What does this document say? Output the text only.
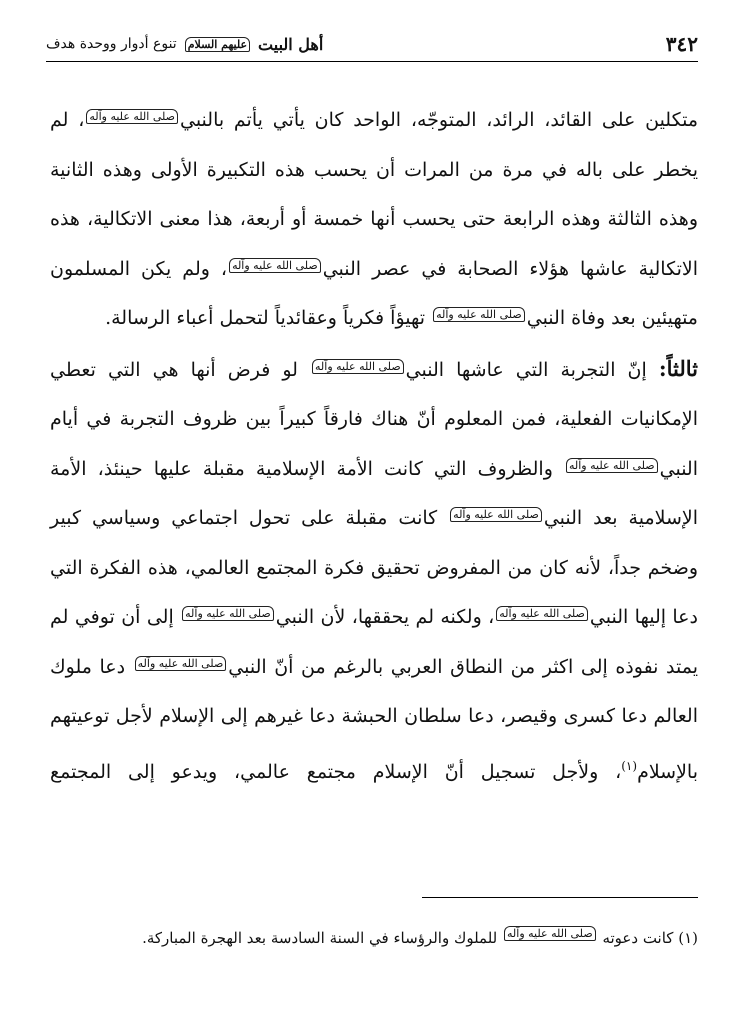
٣٤٢
أهل البيت
عليهم السلام
تنوع أدوار ووحدة هدف

متكلين على القائد، الرائد، المتوجّه، الواحد كان يأتي يأتم بالنبيصلى الله عليه وآله، لم يخطر على باله في مرة من المرات أن يحسب هذه التكبيرة الأولى وهذه الثانية وهذه الثالثة وهذه الرابعة حتى يحسب أنها خمسة أو أربعة، هذا معنى الاتكالية، هذه الاتكالية عاشها هؤلاء الصحابة في عصر النبيصلى الله عليه وآله، ولم يكن المسلمون متهيئين بعد وفاة النبيصلى الله عليه وآله تهيؤاً فكرياً وعقائدياً لتحمل أعباء الرسالة.

ثالثاً: إنّ التجربة التي عاشها النبيصلى الله عليه وآله لو فرض أنها هي التي تعطي الإمكانيات الفعلية، فمن المعلوم أنّ هناك فارقاً كبيراً بين ظروف التجربة في أيام النبيصلى الله عليه وآله والظروف التي كانت الأمة الإسلامية مقبلة عليها حينئذ، الأمة الإسلامية بعد النبيصلى الله عليه وآله كانت مقبلة على تحول اجتماعي وسياسي كبير وضخم جداً، لأنه كان من المفروض تحقيق فكرة المجتمع العالمي، هذه الفكرة التي دعا إليها النبيصلى الله عليه وآله، ولكنه لم يحققها، لأن النبيصلى الله عليه وآله إلى أن توفي لم يمتد نفوذه إلى اكثر من النطاق العربي بالرغم من أنّ النبيصلى الله عليه وآله دعا ملوك العالم دعا كسرى وقيصر، دعا سلطان الحبشة دعا غيرهم إلى الإسلام لأجل توعيتهم بالإسلام$^{(١)}$، ولأجل تسجيل أنّ الإسلام مجتمع عالمي، ويدعو إلى المجتمع

(١) كانت دعوته صلى الله عليه وآله للملوك والرؤساء في السنة السادسة بعد الهجرة المباركة.
